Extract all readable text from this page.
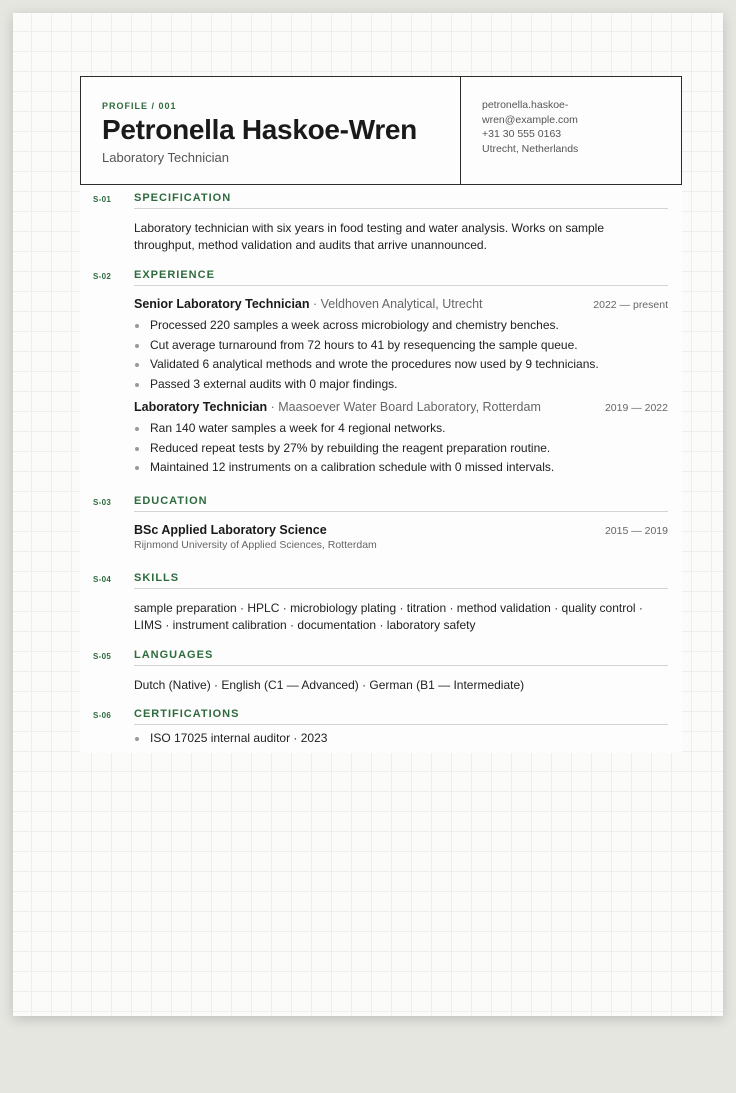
PROFILE / 001
Petronella Haskoe-Wren
Laboratory Technician
petronella.haskoe-
wren@example.com
+31 30 555 0163
Utrecht, Netherlands
S-01 SPECIFICATION

Laboratory technician with six years in food testing and water analysis. Works on sample throughput, method validation and audits that arrive unannounced.

S-02 EXPERIENCE
Senior Laboratory Technician · Veldhoven Analytical, Utrecht	2022 — present
Processed 220 samples a week across microbiology and chemistry benches.
Cut average turnaround from 72 hours to 41 by resequencing the sample queue.
Validated 6 analytical methods and wrote the procedures now used by 9 technicians.
Passed 3 external audits with 0 major findings.
Laboratory Technician · Maasoever Water Board Laboratory, Rotterdam	2019 — 2022
Ran 140 water samples a week for 4 regional networks.
Reduced repeat tests by 27% by rebuilding the reagent preparation routine.
Maintained 12 instruments on a calibration schedule with 0 missed intervals.
S-03 EDUCATION
BSc Applied Laboratory Science	2015 — 2019
Rijnmond University of Applied Sciences, Rotterdam
S-04 SKILLS

sample preparation · HPLC · microbiology plating · titration · method validation · quality control · LIMS · instrument calibration · documentation · laboratory safety

S-05 LANGUAGES

Dutch (Native) · English (C1 — Advanced) · German (B1 — Intermediate)

S-06 CERTIFICATIONS
ISO 17025 internal auditor · 2023
